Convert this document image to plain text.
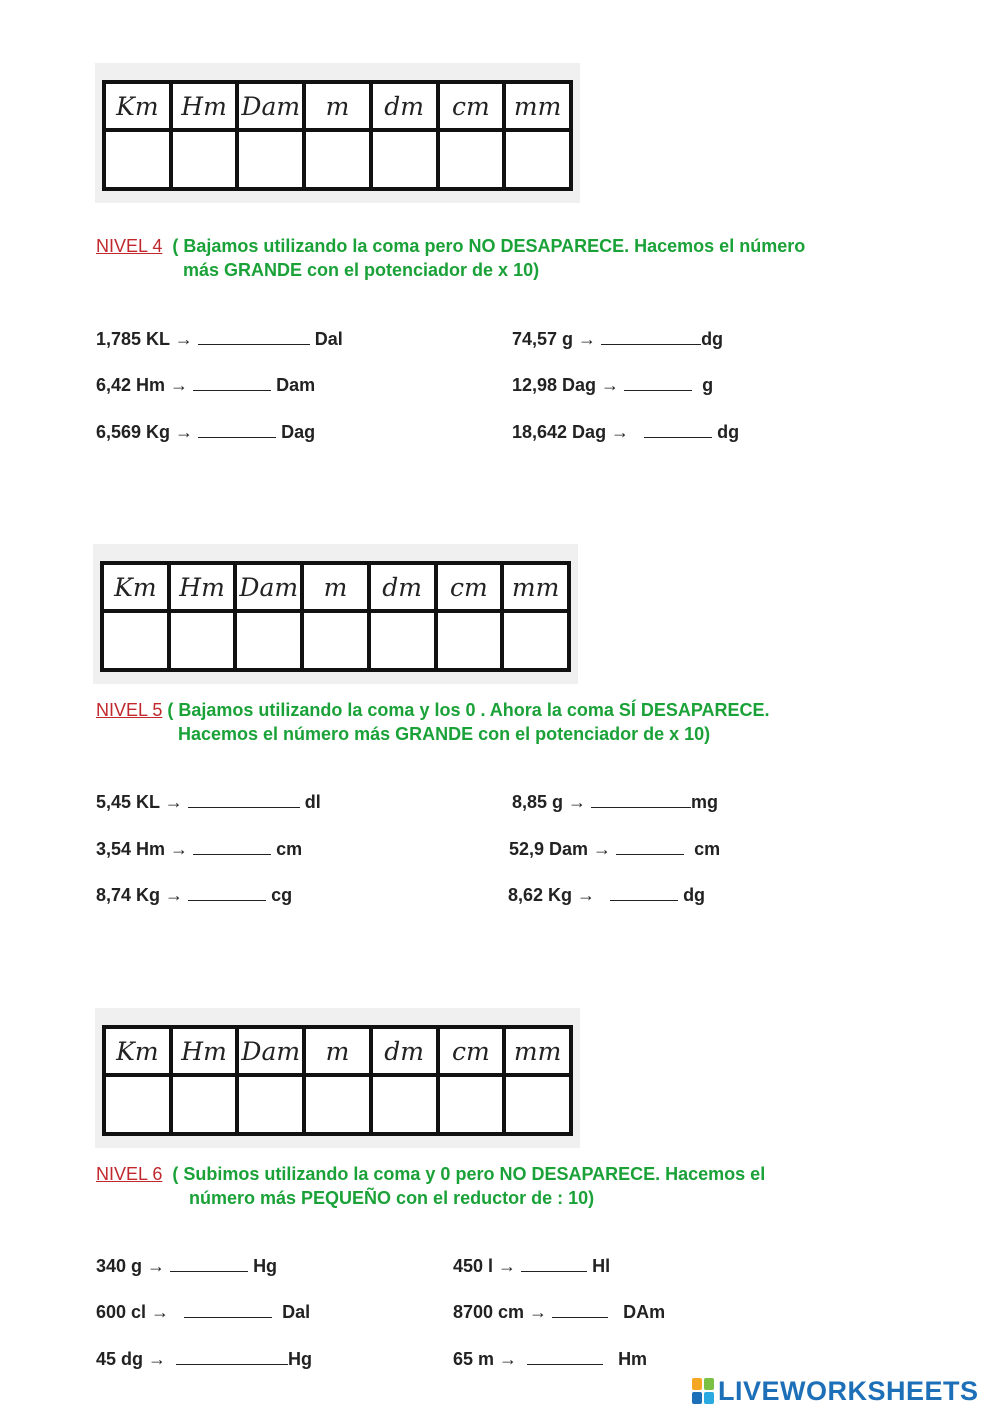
Km	Hm	Dam	m	dm	cm	mm

NIVEL 4 ( Bajamos utilizando la coma pero NO DESAPARECE. Hacemos el número
más GRANDE con el potenciador de x 10)
1,785 KL →	Dal
6,42 Hm →	Dam
6,569 Kg →	Dag
74,57 g →	dg
12,98 Dag →	g
18,642 Dag →	dg
Km	Hm	Dam	m	dm	cm	mm

NIVEL 5 ( Bajamos utilizando la coma y los 0 . Ahora la coma SÍ DESAPARECE.
Hacemos el número más GRANDE con el potenciador de x 10)
5,45 KL →	dl
3,54 Hm →	cm
8,74 Kg →	cg
8,85 g →	mg
52,9 Dam →	cm
8,62 Kg →	dg
Km	Hm	Dam	m	dm	cm	mm

NIVEL 6 ( Subimos utilizando la coma y 0 pero NO DESAPARECE. Hacemos el
número más PEQUEÑO con el reductor de : 10)
340 g →	Hg
600 cl →	Dal
45 dg →	Hg
450 l →	Hl
8700 cm →	DAm
65 m →	Hm
LIVEWORKSHEETS
